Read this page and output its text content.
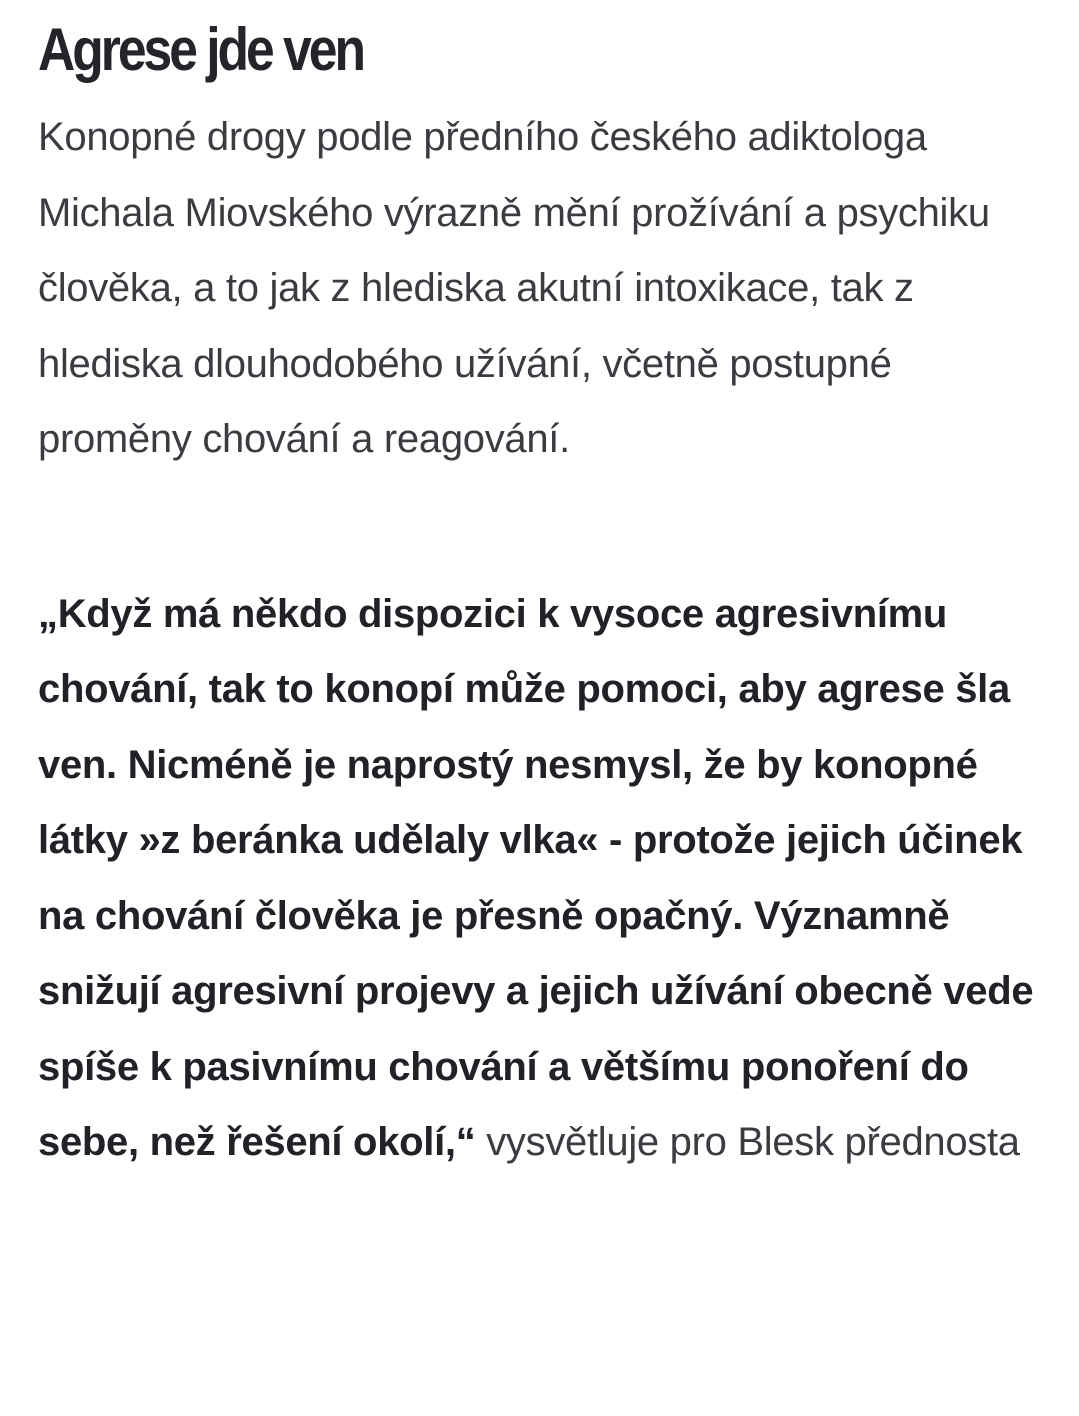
Agrese jde ven

Konopné drogy podle předního českého adiktologa Michala Miovského výrazně mění prožívání a psychiku člověka, a to jak z hlediska akutní intoxikace, tak z hlediska dlouhodobého užívání, včetně postupné proměny chování a reagování.

„Když má někdo dispozici k vysoce agresivnímu chování, tak to konopí může pomoci, aby agrese šla ven. Nicméně je naprostý nesmysl, že by konopné látky »z beránka udělaly vlka« - protože jejich účinek na chování člověka je přesně opačný. Významně snižují agresivní projevy a jejich užívání obecně vede spíše k pasivnímu chování a většímu ponoření do sebe, než řešení okolí,“ vysvětluje pro Blesk přednosta
